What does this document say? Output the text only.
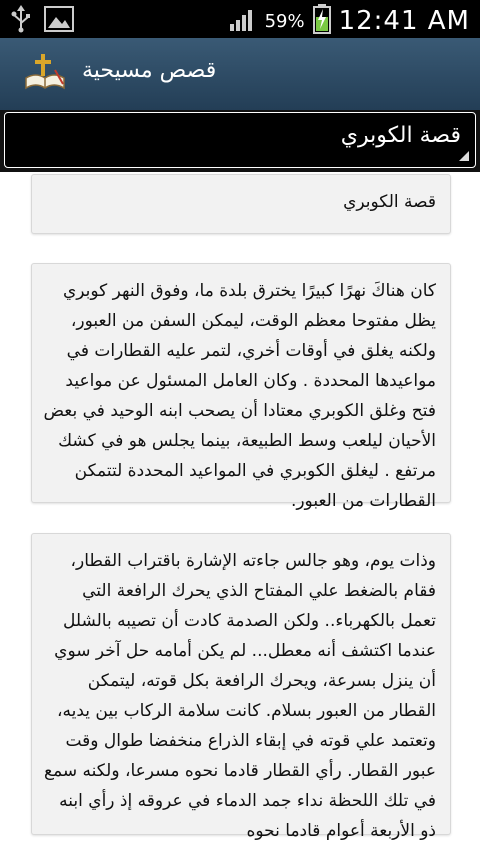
59% 12:41 AM
قصص مسيحية
قصة الكوبري

قصة الكوبري

كان هناكَ نهرًا كبيرًا يخترق بلدة ما، وفوق النهر كوبري يظل مفتوحا معظم الوقت، ليمكن السفن من العبور، ولكنه يغلق في أوقات أخري، لتمر عليه القطارات في مواعيدها المحددة . وكان العامل المسئول عن مواعيد فتح وغلق الكوبري معتادا أن يصحب ابنه الوحيد في بعض الأحيان ليلعب وسط الطبيعة، بينما يجلس هو في كشك مرتفع . ليغلق الكوبري في المواعيد المحددة لتتمكن القطارات من العبور.

وذات يوم، وهو جالس جاءته الإشارة باقتراب القطار، فقام بالضغط علي المفتاح الذي يحرك الرافعة التي تعمل بالكهرباء.. ولكن الصدمة كادت أن تصيبه بالشلل عندما اكتشف أنه معطل... لم يكن أمامه حل آخر سوي أن ينزل بسرعة، ويحرك الرافعة بكل قوته، ليتمكن القطار من العبور بسلام. كانت سلامة الركاب بين يديه، وتعتمد علي قوته في إبقاء الذراع منخفضا طوال وقت عبور القطار. رأي القطار قادما نحوه مسرعا، ولكنه سمع في تلك اللحظة نداء جمد الدماء في عروقه إذ رأي ابنه ذو الأربعة أعوام قادما نحوه
